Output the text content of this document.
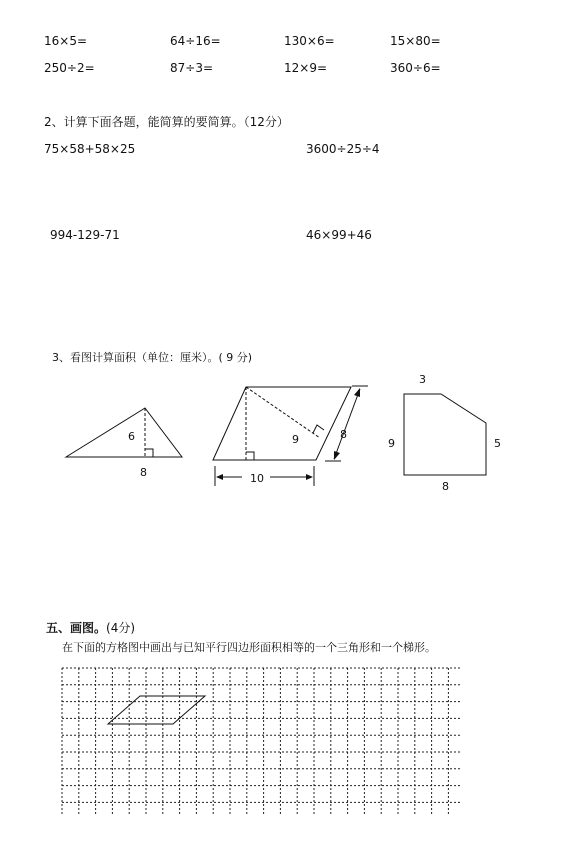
16×5=	64÷16=	130×6=	15×80=
250÷2=	87÷3=	12×9=	360÷6=
2、计算下面各题，能简算的要简算。（12分）
75×58+58×25	3600÷25÷4
994-129-71	46×99+46
3、看图计算面积（单位：厘米）。( 9 分)
6
8
9
10
8
3
9	5
8
五、画图。(4分)
在下面的方格图中画出与已知平行四边形面积相等的一个三角形和一个梯形。
